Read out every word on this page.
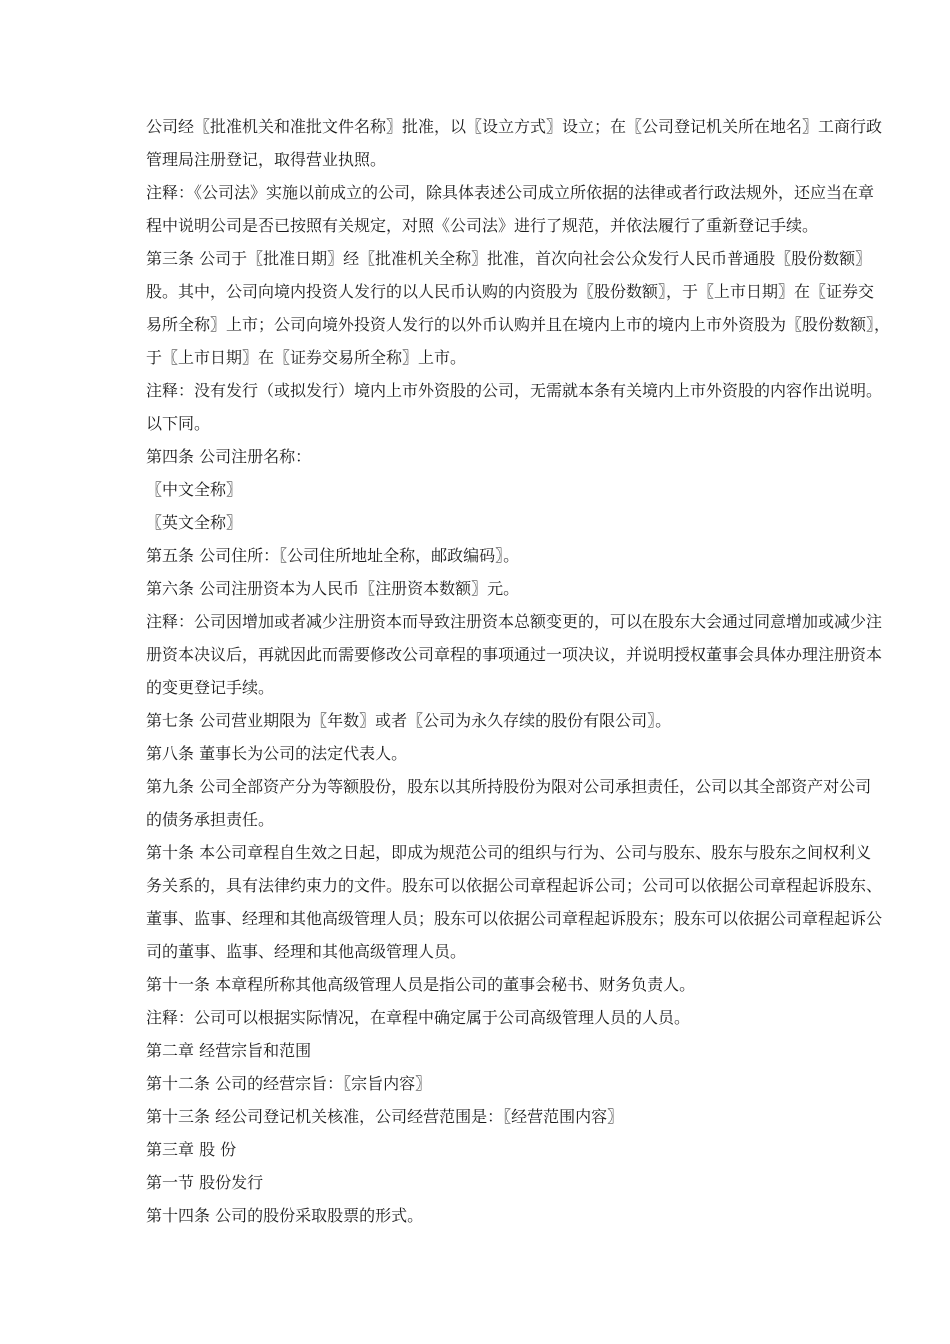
公司经〖批准机关和准批文件名称〗批准，以〖设立方式〗设立；在〖公司登记机关所在地名〗工商行政
管理局注册登记，取得营业执照。
注释：《公司法》实施以前成立的公司，除具体表述公司成立所依据的法律或者行政法规外，还应当在章
程中说明公司是否已按照有关规定，对照《公司法》进行了规范，并依法履行了重新登记手续。
第三条 公司于〖批准日期〗经〖批准机关全称〗批准，首次向社会公众发行人民币普通股〖股份数额〗
股。其中，公司向境内投资人发行的以人民币认购的内资股为〖股份数额〗，于〖上市日期〗在〖证券交
易所全称〗上市；公司向境外投资人发行的以外币认购并且在境内上市的境内上市外资股为〖股份数额〗，
于〖上市日期〗在〖证券交易所全称〗上市。
注释：没有发行（或拟发行）境内上市外资股的公司，无需就本条有关境内上市外资股的内容作出说明。
以下同。
第四条 公司注册名称：
〖中文全称〗
〖英文全称〗
第五条 公司住所：〖公司住所地址全称，邮政编码〗。
第六条 公司注册资本为人民币〖注册资本数额〗元。
注释：公司因增加或者减少注册资本而导致注册资本总额变更的，可以在股东大会通过同意增加或减少注
册资本决议后，再就因此而需要修改公司章程的事项通过一项决议，并说明授权董事会具体办理注册资本
的变更登记手续。
第七条 公司营业期限为〖年数〗或者〖公司为永久存续的股份有限公司〗。
第八条 董事长为公司的法定代表人。
第九条 公司全部资产分为等额股份，股东以其所持股份为限对公司承担责任，公司以其全部资产对公司
的债务承担责任。
第十条 本公司章程自生效之日起，即成为规范公司的组织与行为、公司与股东、股东与股东之间权利义
务关系的，具有法律约束力的文件。股东可以依据公司章程起诉公司；公司可以依据公司章程起诉股东、
董事、监事、经理和其他高级管理人员；股东可以依据公司章程起诉股东；股东可以依据公司章程起诉公
司的董事、监事、经理和其他高级管理人员。
第十一条 本章程所称其他高级管理人员是指公司的董事会秘书、财务负责人。
注释：公司可以根据实际情况，在章程中确定属于公司高级管理人员的人员。
第二章 经营宗旨和范围
第十二条 公司的经营宗旨：〖宗旨内容〗
第十三条 经公司登记机关核准，公司经营范围是：〖经营范围内容〗
第三章 股 份
第一节 股份发行
第十四条 公司的股份采取股票的形式。
